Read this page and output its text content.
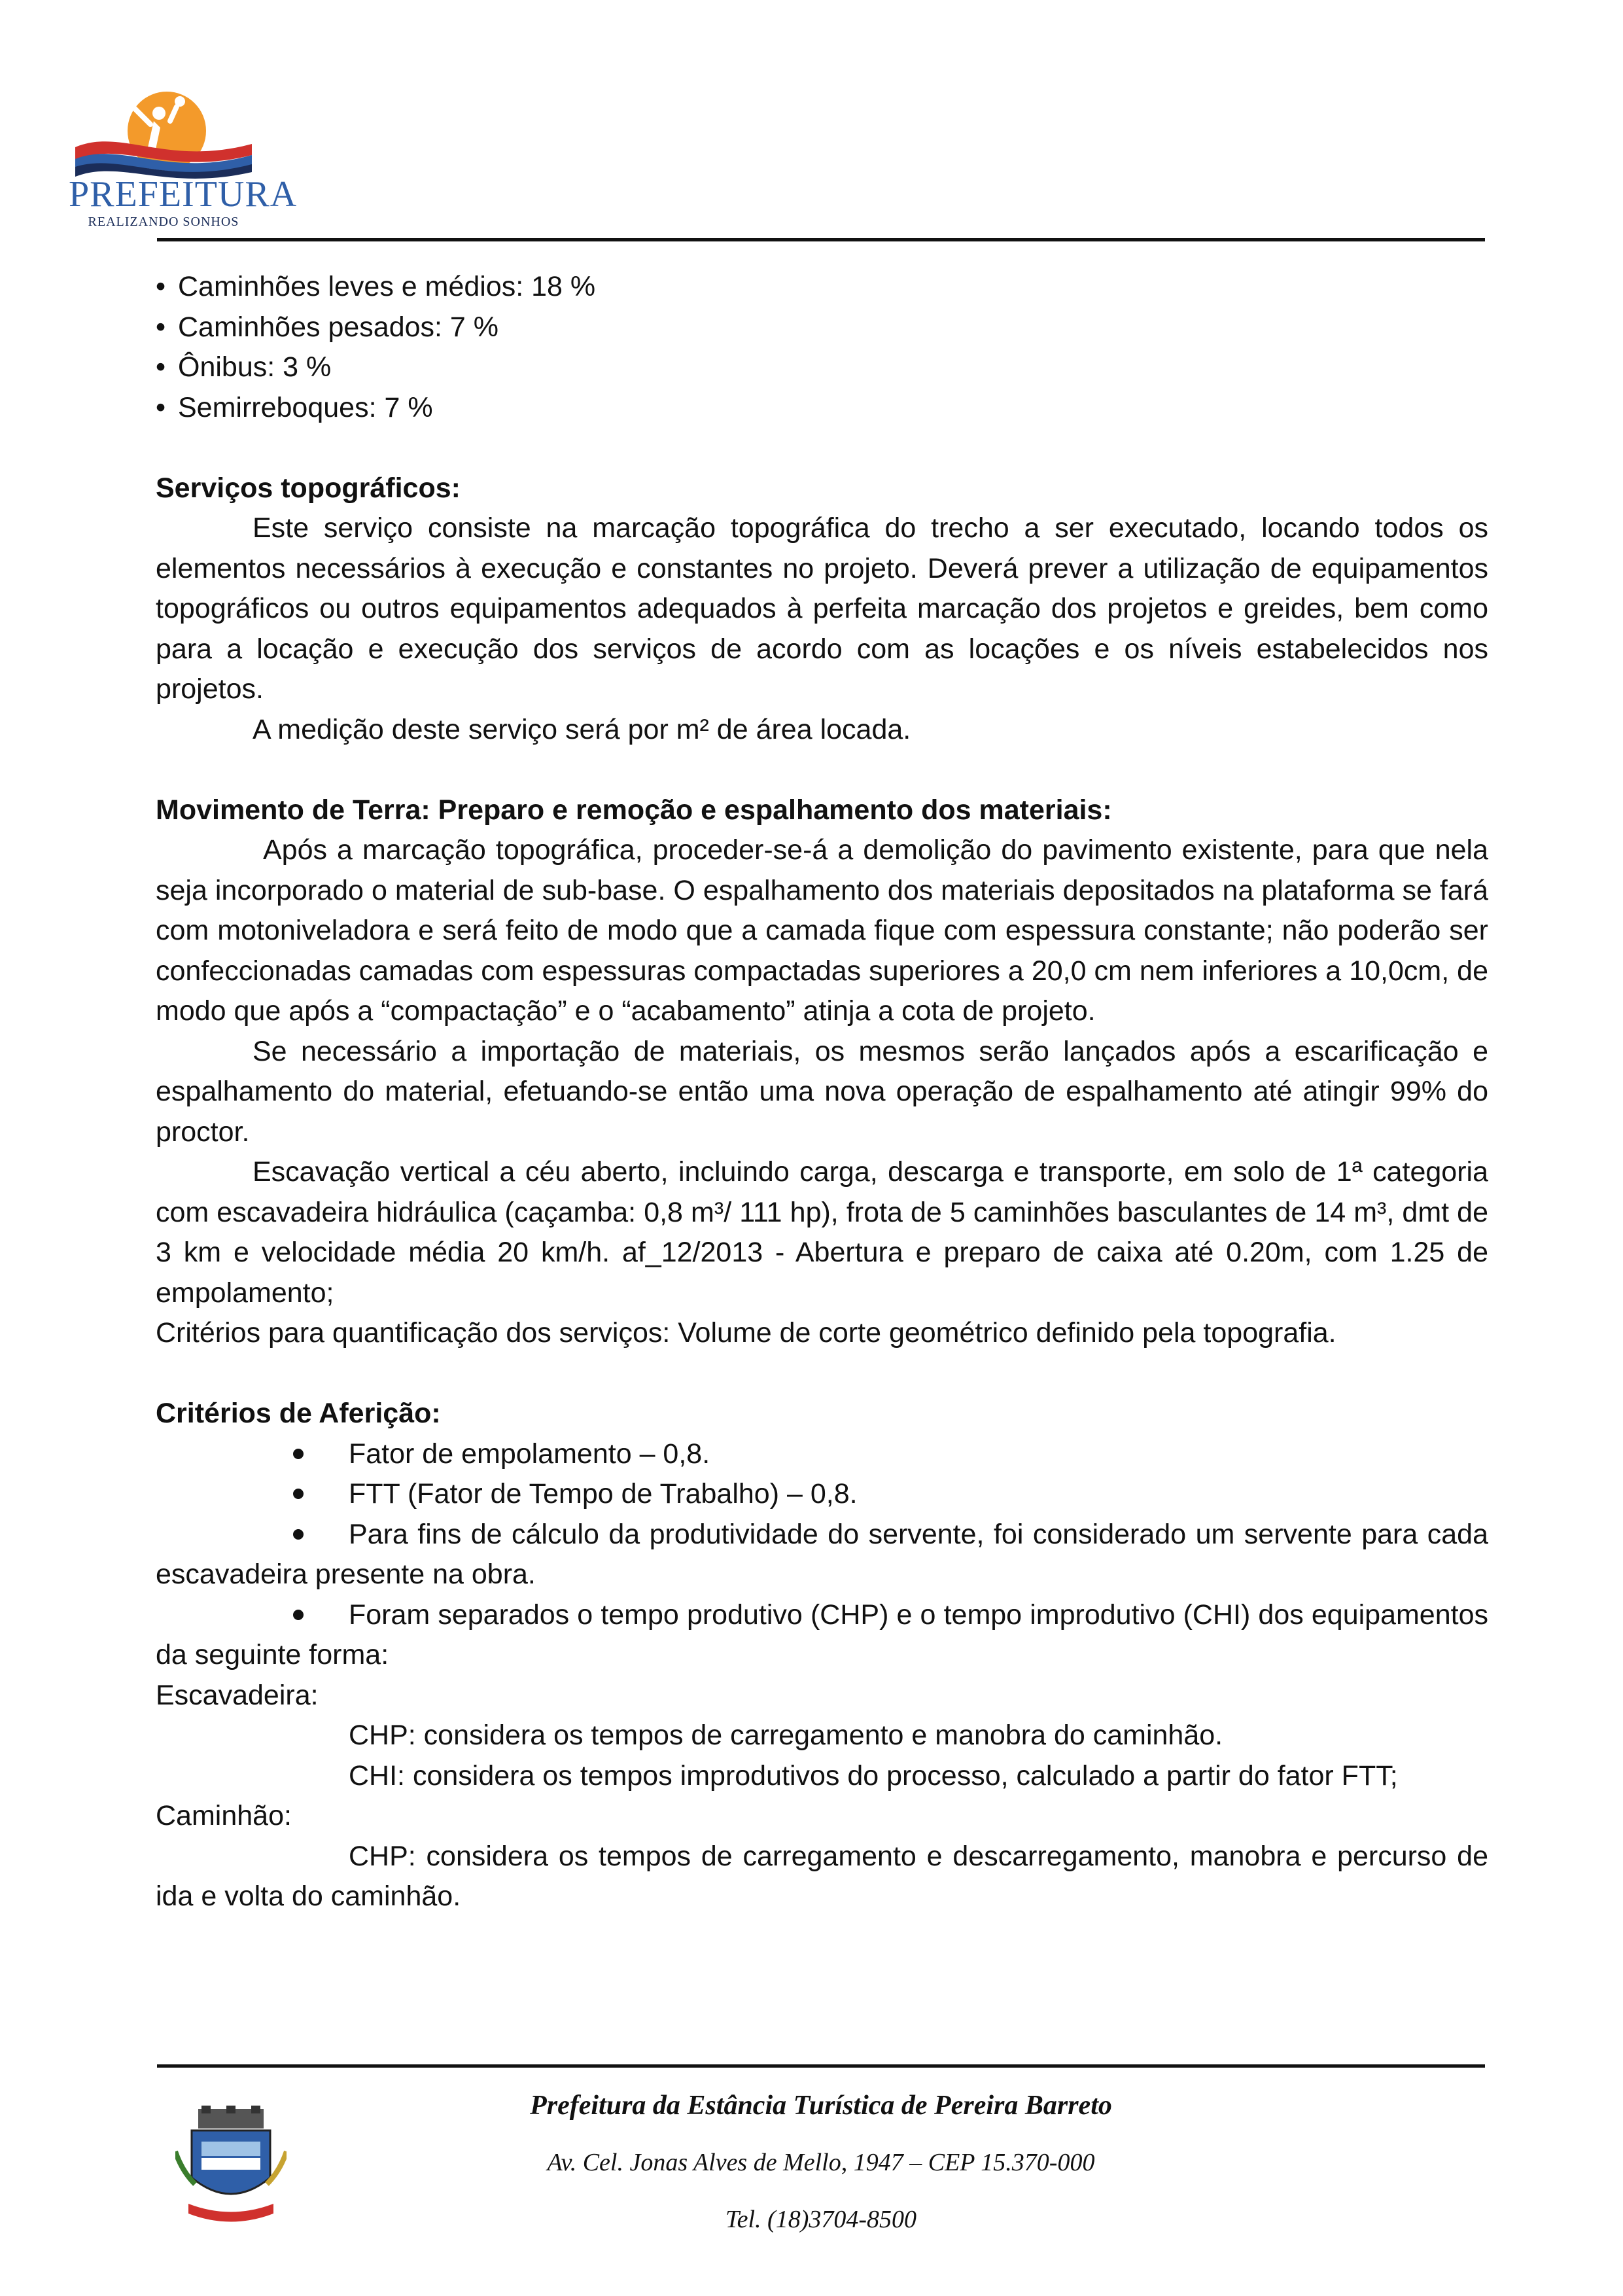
PREFEITURA
REALIZANDO SONHOS

• Caminhões leves e médios: 18 %

• Caminhões pesados: 7 %

• Ônibus: 3 %

• Semirreboques: 7 %

Serviços topográficos:

Este serviço consiste na marcação topográfica do trecho a ser executado, locando todos os elementos necessários à execução e constantes no projeto. Deverá prever a utilização de equipamentos topográficos ou outros equipamentos adequados à perfeita marcação dos projetos e greides, bem como para a locação e execução dos serviços de acordo com as locações e os níveis estabelecidos nos projetos.

A medição deste serviço será por m² de área locada.

Movimento de Terra: Preparo e remoção e espalhamento dos materiais:

Após a marcação topográfica, proceder-se-á a demolição do pavimento existente, para que nela seja incorporado o material de sub-base. O espalhamento dos materiais depositados na plataforma se fará com motoniveladora e será feito de modo que a camada fique com espessura constante; não poderão ser confeccionadas camadas com espessuras compactadas superiores a 20,0 cm nem inferiores a 10,0cm, de modo que após a “compactação” e o “acabamento” atinja a cota de projeto.

Se necessário a importação de materiais, os mesmos serão lançados após a escarificação e espalhamento do material, efetuando-se então uma nova operação de espalhamento até atingir 99% do proctor.

Escavação vertical a céu aberto, incluindo carga, descarga e transporte, em solo de 1ª categoria com escavadeira hidráulica (caçamba: 0,8 m³/ 111 hp), frota de 5 caminhões basculantes de 14 m³, dmt de 3 km e velocidade média 20 km/h. af_12/2013 - Abertura e preparo de caixa até 0.20m, com 1.25 de empolamento;

Critérios para quantificação dos serviços: Volume de corte geométrico definido pela topografia.

Critérios de Aferição:

Fator de empolamento – 0,8.

FTT (Fator de Tempo de Trabalho) – 0,8.

Para fins de cálculo da produtividade do servente, foi considerado um servente para cada escavadeira presente na obra.

Foram separados o tempo produtivo (CHP) e o tempo improdutivo (CHI) dos equipamentos da seguinte forma:

Escavadeira:

CHP: considera os tempos de carregamento e manobra do caminhão.

CHI: considera os tempos improdutivos do processo, calculado a partir do fator FTT;

Caminhão:

CHP: considera os tempos de carregamento e descarregamento, manobra e percurso de ida e volta do caminhão.

Prefeitura da Estância Turística de Pereira Barreto
Av. Cel. Jonas Alves de Mello, 1947 – CEP 15.370-000
Tel. (18)3704-8500
